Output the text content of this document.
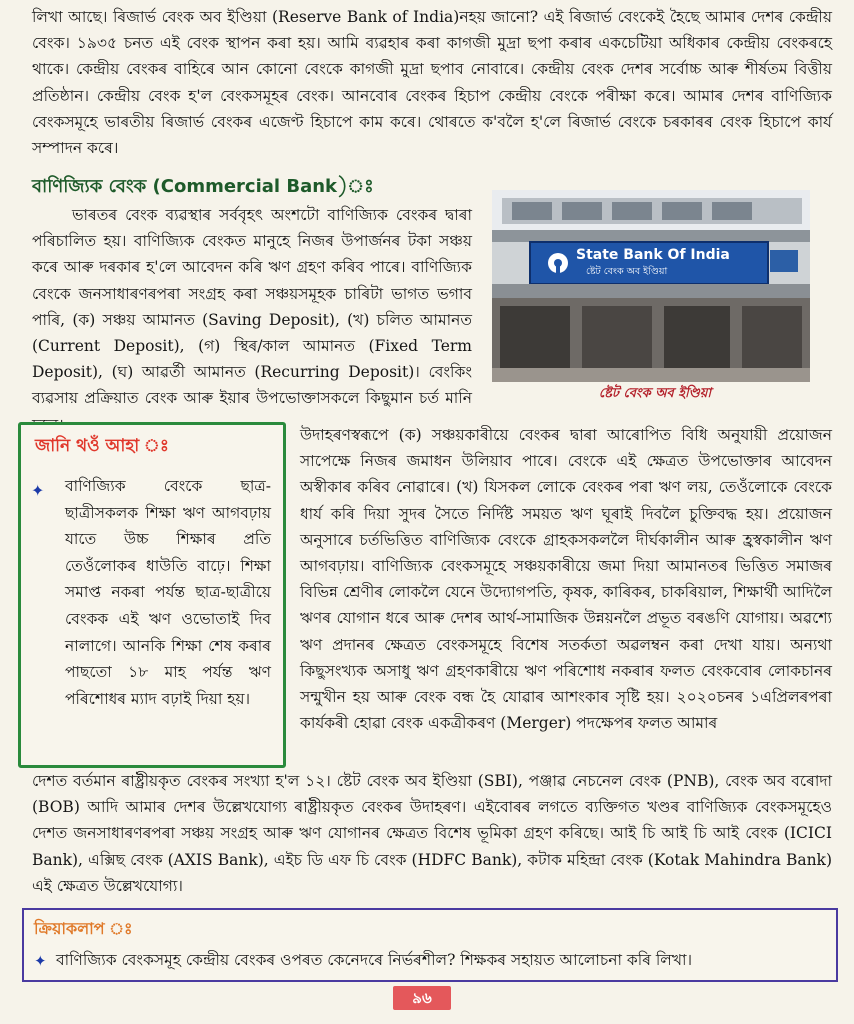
লিখা আছে। ৰিজাৰ্ভ বেংক অব ইণ্ডিয়া (Reserve Bank of India)নহয় জানো? এই ৰিজাৰ্ভ বেংকেই হৈছে আমাৰ দেশৰ কেন্দ্ৰীয় বেংক। ১৯৩৫ চনত এই বেংক স্থাপন কৰা হয়। আমি ব্যৱহাৰ কৰা কাগজী মুদ্ৰা ছপা কৰাৰ একচেটিয়া অধিকাৰ কেন্দ্ৰীয় বেংকৰহে থাকে। কেন্দ্ৰীয় বেংকৰ বাহিৰে আন কোনো বেংকে কাগজী মুদ্ৰা ছপাব নোবাৰে। কেন্দ্ৰীয় বেংক দেশৰ সৰ্বোচ্চ আৰু শীৰ্ষতম বিত্তীয় প্ৰতিষ্ঠান। কেন্দ্ৰীয় বেংক হ'ল বেংকসমূহৰ বেংক। আনবোৰ বেংকৰ হিচাপ কেন্দ্ৰীয় বেংকে পৰীক্ষা কৰে। আমাৰ দেশৰ বাণিজ্যিক বেংকসমূহে ভাৰতীয় ৰিজাৰ্ভ বেংকৰ এজেণ্ট হিচাপে কাম কৰে। থোৰতে ক'বলৈ হ'লে ৰিজাৰ্ভ বেংকে চৰকাৰৰ বেংক হিচাপে কাৰ্য সম্পাদন কৰে।

বাণিজ্যিক বেংক (Commercial Bank)ঃ

ভাৰতৰ বেংক ব্যৱস্থাৰ সৰ্ববৃহৎ অংশটো বাণিজ্যিক বেংকৰ দ্বাৰা পৰিচালিত হয়। বাণিজ্যিক বেংকত মানুহে নিজৰ উপাৰ্জনৰ টকা সঞ্চয় কৰে আৰু দৰকাৰ হ'লে আবেদন কৰি ঋণ গ্ৰহণ কৰিব পাৰে। বাণিজ্যিক বেংকে জনসাধাৰণৰপৰা সংগ্ৰহ কৰা সঞ্চয়সমূহক চাৰিটা ভাগত ভগাব পাৰি, (ক) সঞ্চয় আমানত (Saving Deposit), (খ) চলিত আমানত (Current Deposit), (গ) স্থিৰ/কাল আমানত (Fixed Term Deposit), (ঘ) আৱৰ্তী আমানত (Recurring Deposit)। বেংকিং ব্যৱসায় প্ৰক্ৰিয়াত বেংক আৰু ইয়াৰ উপভোক্তাসকলে কিছুমান চৰ্ত মানি

State Bank Of India
ষ্টেট বেংক অব ইণ্ডিয়া
ষ্টেট বেংক অব ইণ্ডিয়া
জানি থওঁ আহা ঃ
✦ বাণিজ্যিক বেংকে ছাত্ৰ-ছাত্ৰীসকলক শিক্ষা ঋণ আগবঢ়ায় যাতে উচ্চ শিক্ষাৰ প্ৰতি তেওঁলোকৰ ধাউতি বাঢ়ে। শিক্ষা সমাপ্ত নকৰা পৰ্যন্ত ছাত্ৰ-ছাত্ৰীয়ে বেংকক এই ঋণ ওভোতাই দিব নালাগে। আনকি শিক্ষা শেষ কৰাৰ পাছতো ১৮ মাহ পৰ্যন্ত ঋণ পৰিশোধৰ ম্যাদ বঢ়াই দিয়া হয়।

উদাহৰণস্বৰূপে (ক) সঞ্চয়কাৰীয়ে বেংকৰ দ্বাৰা আৰোপিত বিধি অনুযায়ী প্ৰয়োজন সাপেক্ষে নিজৰ জমাধন উলিয়াব পাৰে। বেংকে এই ক্ষেত্ৰত উপভোক্তাৰ আবেদন অস্বীকাৰ কৰিব নোৱাৰে। (খ) যিসকল লোকে বেংকৰ পৰা ঋণ লয়, তেওঁলোকে বেংকে ধাৰ্য কৰি দিয়া সুদৰ সৈতে নিৰ্দিষ্ট সময়ত ঋণ ঘূৰাই দিবলৈ চুক্তিবদ্ধ হয়। প্ৰয়োজন অনুসাৰে চৰ্তভিত্তিত বাণিজ্যিক বেংকে গ্ৰাহকসকললৈ দীৰ্ঘকালীন আৰু হ্ৰস্বকালীন ঋণ আগবঢ়ায়। বাণিজ্যিক বেংকসমূহে সঞ্চয়কাৰীয়ে জমা দিয়া আমানতৰ ভিত্তিত সমাজৰ বিভিন্ন শ্ৰেণীৰ লোকলৈ যেনে উদ্যোগপতি, কৃষক, কাৰিকৰ, চাকৰিয়াল, শিক্ষাৰ্থী আদিলৈ ঋণৰ যোগান ধৰে আৰু দেশৰ আৰ্থ-সামাজিক উন্নয়নলৈ প্ৰভূত বৰঙণি যোগায়। অৱশ্যে ঋণ প্ৰদানৰ ক্ষেত্ৰত বেংকসমূহে বিশেষ সতৰ্কতা অৱলম্বন কৰা দেখা যায়। অন্যথা কিছুসংখ্যক অসাধু ঋণ গ্ৰহণকাৰীয়ে ঋণ পৰিশোধ নকৰাৰ ফলত বেংকবোৰ লোকচানৰ সন্মুখীন হয় আৰু বেংক বন্ধ হৈ যোৱাৰ আশংকাৰ সৃষ্টি হয়। ২০২০চনৰ ১এপ্ৰিলৰপৰা কাৰ্যকৰী হোৱা বেংক একত্ৰীকৰণ (Merger) পদক্ষেপৰ ফলত আমাৰ

দেশত বৰ্তমান ৰাষ্ট্ৰীয়কৃত বেংকৰ সংখ্যা হ'ল ১২। ষ্টেট বেংক অব ইণ্ডিয়া (SBI), পঞ্জাৱ নেচনেল বেংক (PNB), বেংক অব বৰোদা (BOB) আদি আমাৰ দেশৰ উল্লেখযোগ্য ৰাষ্ট্ৰীয়কৃত বেংকৰ উদাহৰণ। এইবোৰৰ লগতে ব্যক্তিগত খণ্ডৰ বাণিজ্যিক বেংকসমূহেও দেশত জনসাধাৰণৰপৰা সঞ্চয় সংগ্ৰহ আৰু ঋণ যোগানৰ ক্ষেত্ৰত বিশেষ ভূমিকা গ্ৰহণ কৰিছে। আই চি আই চি আই বেংক (ICICI Bank), এক্সিছ বেংক (AXIS Bank), এইচ ডি এফ চি বেংক (HDFC Bank), কটাক মহিন্দ্ৰা বেংক (Kotak Mahindra Bank) এই ক্ষেত্ৰত উল্লেখযোগ্য।

ক্ৰিয়াকলাপ ঃ
✦ বাণিজ্যিক বেংকসমূহ কেন্দ্ৰীয় বেংকৰ ওপৰত কেনেদৰে নিৰ্ভৰশীল? শিক্ষকৰ সহায়ত আলোচনা কৰি লিখা।

৯৬
